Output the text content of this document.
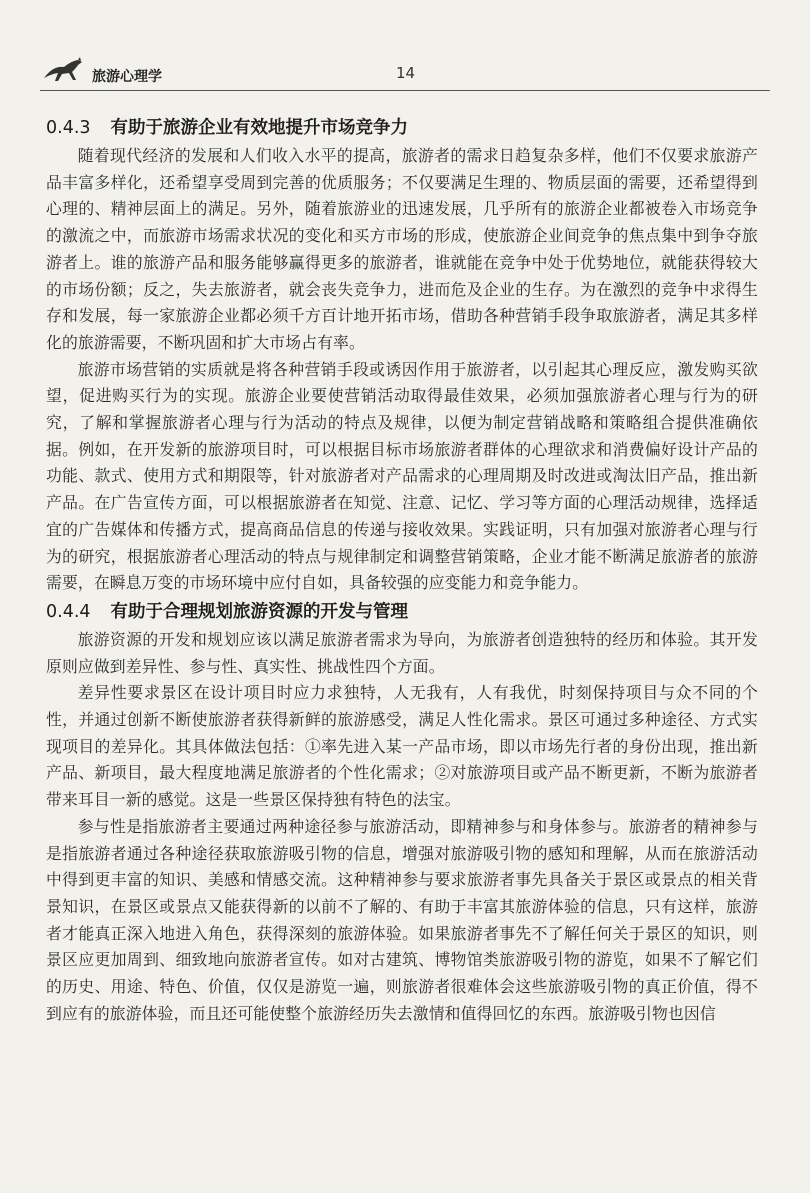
旅游心理学	14
0.4.3 有助于旅游企业有效地提升市场竞争力

随着现代经济的发展和人们收入水平的提高，旅游者的需求日趋复杂多样，他们不仅要求旅游产品丰富多样化，还希望享受周到完善的优质服务；不仅要满足生理的、物质层面的需要，还希望得到心理的、精神层面上的满足。另外，随着旅游业的迅速发展，几乎所有的旅游企业都被卷入市场竞争的激流之中，而旅游市场需求状况的变化和买方市场的形成，使旅游企业间竞争的焦点集中到争夺旅游者上。谁的旅游产品和服务能够赢得更多的旅游者，谁就能在竞争中处于优势地位，就能获得较大的市场份额；反之，失去旅游者，就会丧失竞争力，进而危及企业的生存。为在激烈的竞争中求得生存和发展，每一家旅游企业都必须千方百计地开拓市场，借助各种营销手段争取旅游者，满足其多样化的旅游需要，不断巩固和扩大市场占有率。

旅游市场营销的实质就是将各种营销手段或诱因作用于旅游者，以引起其心理反应，激发购买欲望，促进购买行为的实现。旅游企业要使营销活动取得最佳效果，必须加强旅游者心理与行为的研究，了解和掌握旅游者心理与行为活动的特点及规律，以便为制定营销战略和策略组合提供准确依据。例如，在开发新的旅游项目时，可以根据目标市场旅游者群体的心理欲求和消费偏好设计产品的功能、款式、使用方式和期限等，针对旅游者对产品需求的心理周期及时改进或淘汰旧产品，推出新产品。在广告宣传方面，可以根据旅游者在知觉、注意、记忆、学习等方面的心理活动规律，选择适宜的广告媒体和传播方式，提高商品信息的传递与接收效果。实践证明，只有加强对旅游者心理与行为的研究，根据旅游者心理活动的特点与规律制定和调整营销策略，企业才能不断满足旅游者的旅游需要，在瞬息万变的市场环境中应付自如，具备较强的应变能力和竞争能力。

0.4.4 有助于合理规划旅游资源的开发与管理

旅游资源的开发和规划应该以满足旅游者需求为导向，为旅游者创造独特的经历和体验。其开发原则应做到差异性、参与性、真实性、挑战性四个方面。

差异性要求景区在设计项目时应力求独特，人无我有，人有我优，时刻保持项目与众不同的个性，并通过创新不断使旅游者获得新鲜的旅游感受，满足人性化需求。景区可通过多种途径、方式实现项目的差异化。其具体做法包括：①率先进入某一产品市场，即以市场先行者的身份出现，推出新产品、新项目，最大程度地满足旅游者的个性化需求；②对旅游项目或产品不断更新，不断为旅游者带来耳目一新的感觉。这是一些景区保持独有特色的法宝。

参与性是指旅游者主要通过两种途径参与旅游活动，即精神参与和身体参与。旅游者的精神参与是指旅游者通过各种途径获取旅游吸引物的信息，增强对旅游吸引物的感知和理解，从而在旅游活动中得到更丰富的知识、美感和情感交流。这种精神参与要求旅游者事先具备关于景区或景点的相关背景知识，在景区或景点又能获得新的以前不了解的、有助于丰富其旅游体验的信息，只有这样，旅游者才能真正深入地进入角色，获得深刻的旅游体验。如果旅游者事先不了解任何关于景区的知识，则景区应更加周到、细致地向旅游者宣传。如对古建筑、博物馆类旅游吸引物的游览，如果不了解它们的历史、用途、特色、价值，仅仅是游览一遍，则旅游者很难体会这些旅游吸引物的真正价值，得不到应有的旅游体验，而且还可能使整个旅游经历失去激情和值得回忆的东西。旅游吸引物也因信
